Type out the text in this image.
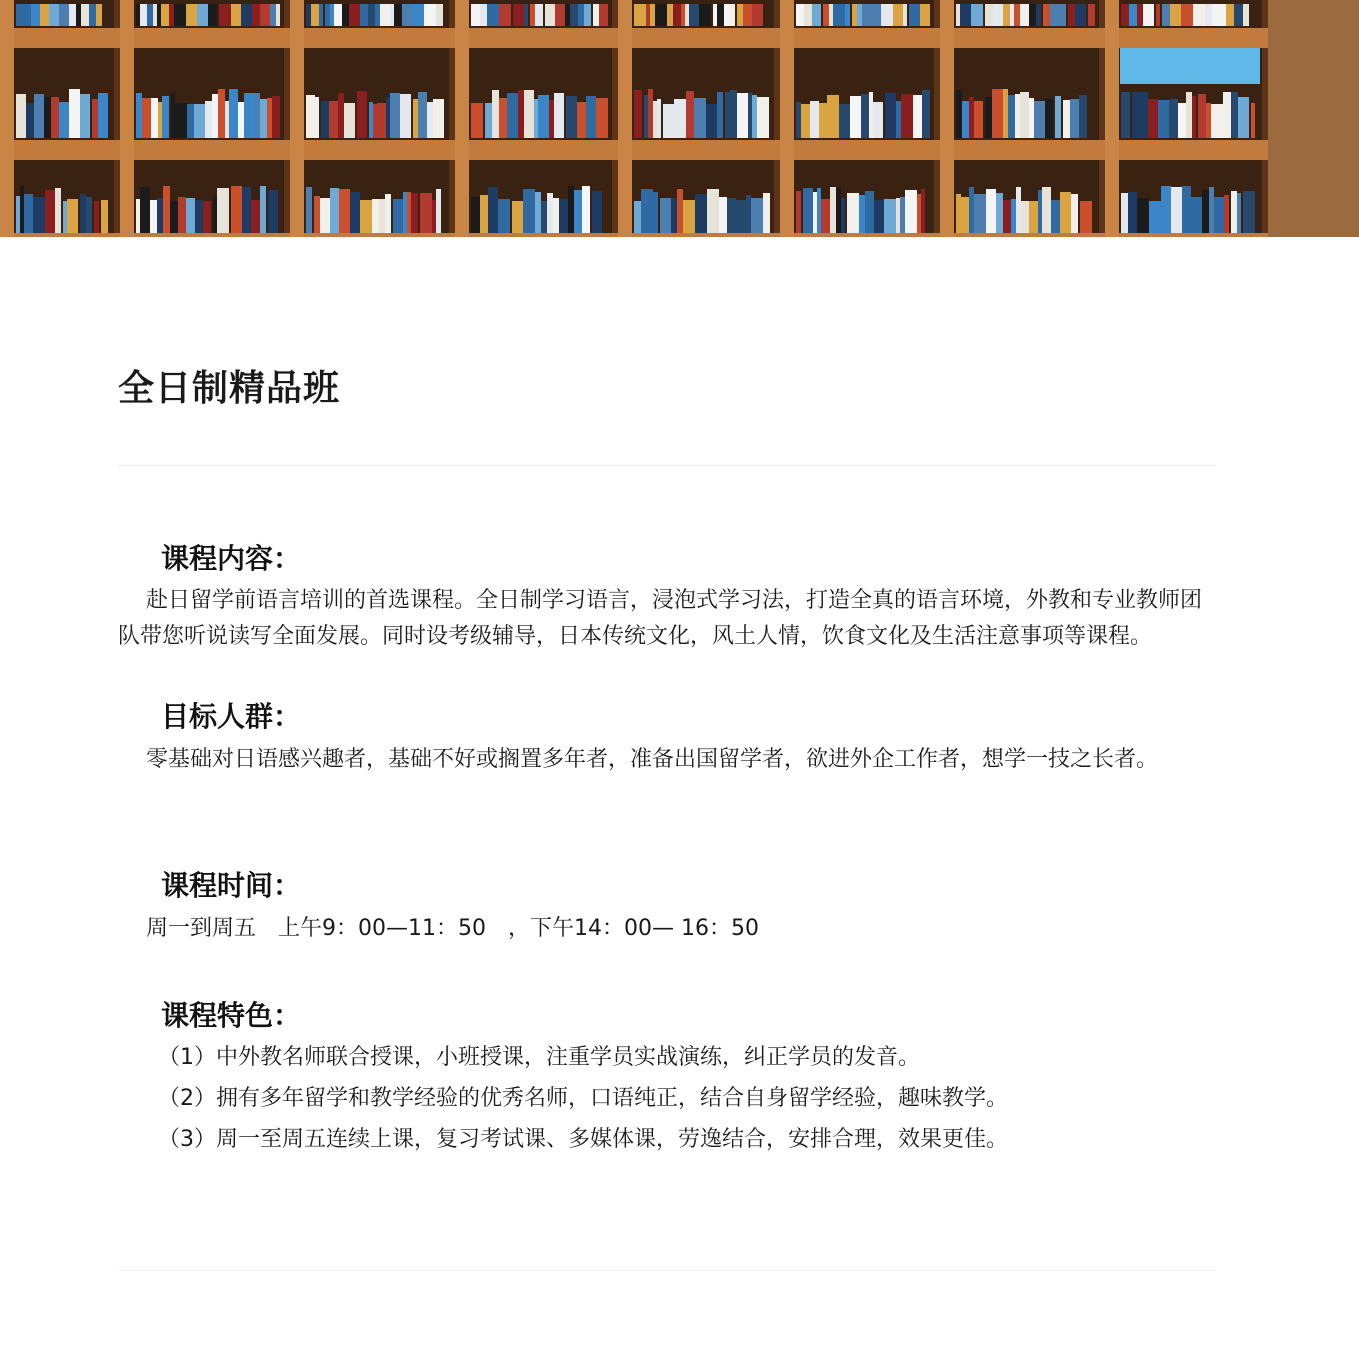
全日制精品班
课程内容：

赴日留学前语言培训的首选课程。全日制学习语言，浸泡式学习法，打造全真的语言环境，外教和专业教师团队带您听说读写全面发展。同时设考级辅导，日本传统文化，风土人情，饮食文化及生活注意事项等课程。

目标人群：

零基础对日语感兴趣者，基础不好或搁置多年者，准备出国留学者，欲进外企工作者，想学一技之长者。

课程时间：

周一到周五　上午9：00—11：50　，下午14：00— 16：50

课程特色：
（1）中外教名师联合授课，小班授课，注重学员实战演练，纠正学员的发音。
（2）拥有多年留学和教学经验的优秀名师，口语纯正，结合自身留学经验，趣味教学。
（3）周一至周五连续上课，复习考试课、多媒体课，劳逸结合，安排合理，效果更佳。
